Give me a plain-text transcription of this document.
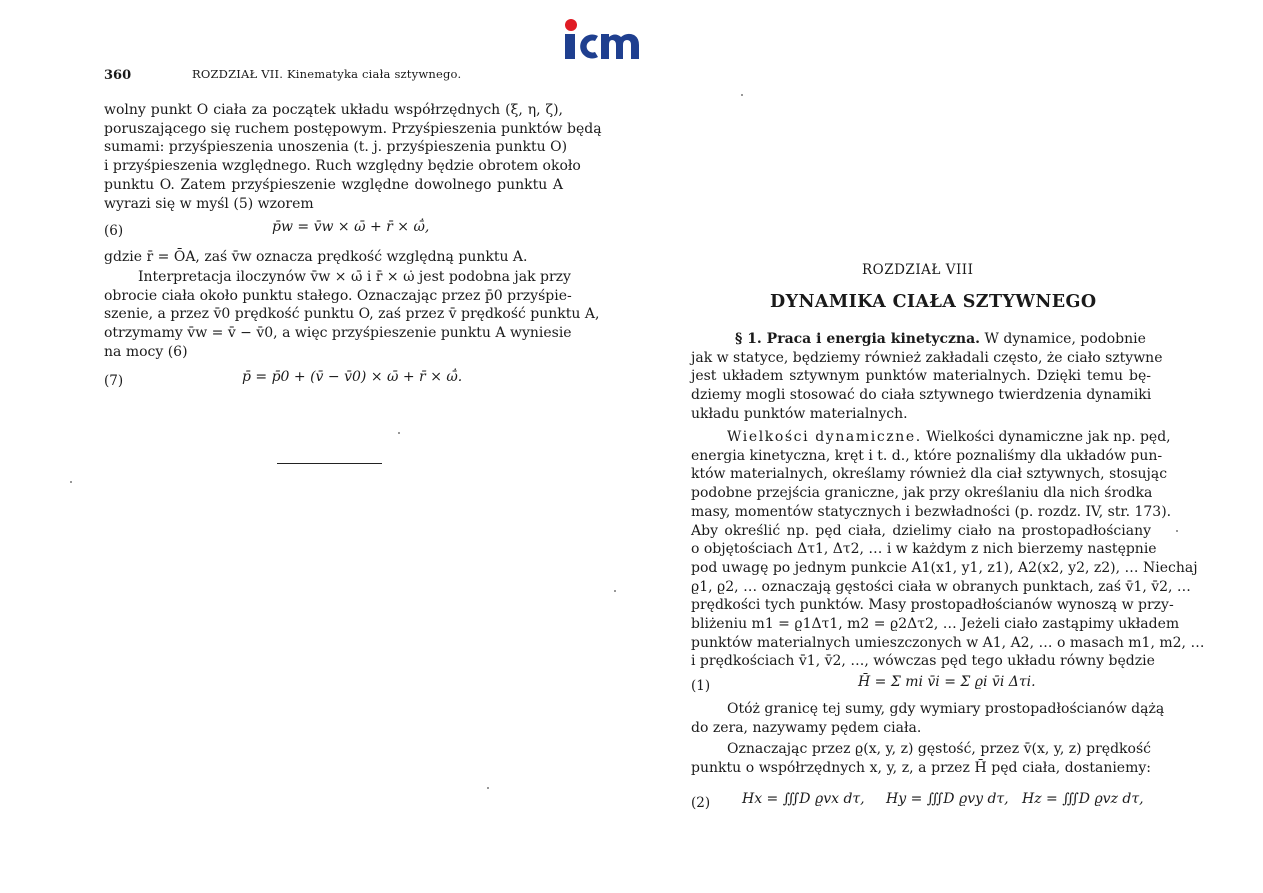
360	ROZDZIAŁ VII. Kinematyka ciała sztywnego.
wolny punkt O ciała za początek układu współrzędnych (ξ, η, ζ),
poruszającego się ruchem postępowym. Przyśpieszenia punktów będą
sumami: przyśpieszenia unoszenia (t. j. przyśpieszenia punktu O)
i przyśpieszenia względnego. Ruch względny będzie obrotem około
punktu O. Zatem przyśpieszenie względne dowolnego punktu A
wyrazi się w myśl (5) wzorem
(6)	p̄w = v̄w × ω̄ + r̄ × ω̄̇,
gdzie r̄ = ŌA, zaś v̄w oznacza prędkość względną punktu A.
Interpretacja iloczynów v̄w × ω̄ i r̄ × ω̇ jest podobna jak przy
obrocie ciała około punktu stałego. Oznaczając przez p̄0 przyśpie-
szenie, a przez v̄0 prędkość punktu O, zaś przez v̄ prędkość punktu A,
otrzymamy v̄w = v̄ − v̄0, a więc przyśpieszenie punktu A wyniesie
na mocy (6)
(7)	p̄ = p̄0 + (v̄ − v̄0) × ω̄ + r̄ × ω̄̇.
ROZDZIAŁ VIII
DYNAMIKA CIAŁA SZTYWNEGO
§ 1. Praca i energia kinetyczna. W dynamice, podobnie
jak w statyce, będziemy również zakładali często, że ciało sztywne
jest układem sztywnym punktów materialnych. Dzięki temu bę-
dziemy mogli stosować do ciała sztywnego twierdzenia dynamiki
układu punktów materialnych.
Wielkości dynamiczne. Wielkości dynamiczne jak np. pęd,
energia kinetyczna, kręt i t. d., które poznaliśmy dla układów pun-
któw materialnych, określamy również dla ciał sztywnych, stosując
podobne przejścia graniczne, jak przy określaniu dla nich środka
masy, momentów statycznych i bezwładności (p. rozdz. IV, str. 173).
Aby określić np. pęd ciała, dzielimy ciało na prostopadłościany
o objętościach Δτ1, Δτ2, … i w każdym z nich bierzemy następnie
pod uwagę po jednym punkcie A1(x1, y1, z1), A2(x2, y2, z2), … Niechaj
ϱ1, ϱ2, … oznaczają gęstości ciała w obranych punktach, zaś v̄1, v̄2, …
prędkości tych punktów. Masy prostopadłościanów wynoszą w przy-
bliżeniu m1 = ϱ1Δτ1, m2 = ϱ2Δτ2, … Jeżeli ciało zastąpimy układem
punktów materialnych umieszczonych w A1, A2, … o masach m1, m2, …
i prędkościach v̄1, v̄2, …, wówczas pęd tego układu równy będzie
(1)	H̄ = Σ mi v̄i = Σ ϱi v̄i Δτi.
Otóż granicę tej sumy, gdy wymiary prostopadłościanów dążą
do zera, nazywamy pędem ciała.
Oznaczając przez ϱ(x, y, z) gęstość, przez v̄(x, y, z) prędkość
punktu o współrzędnych x, y, z, a przez H̄ pęd ciała, dostaniemy:
(2) Hx = ∭D ϱvx dτ, Hy = ∭D ϱvy dτ, Hz = ∭D ϱvz dτ,
